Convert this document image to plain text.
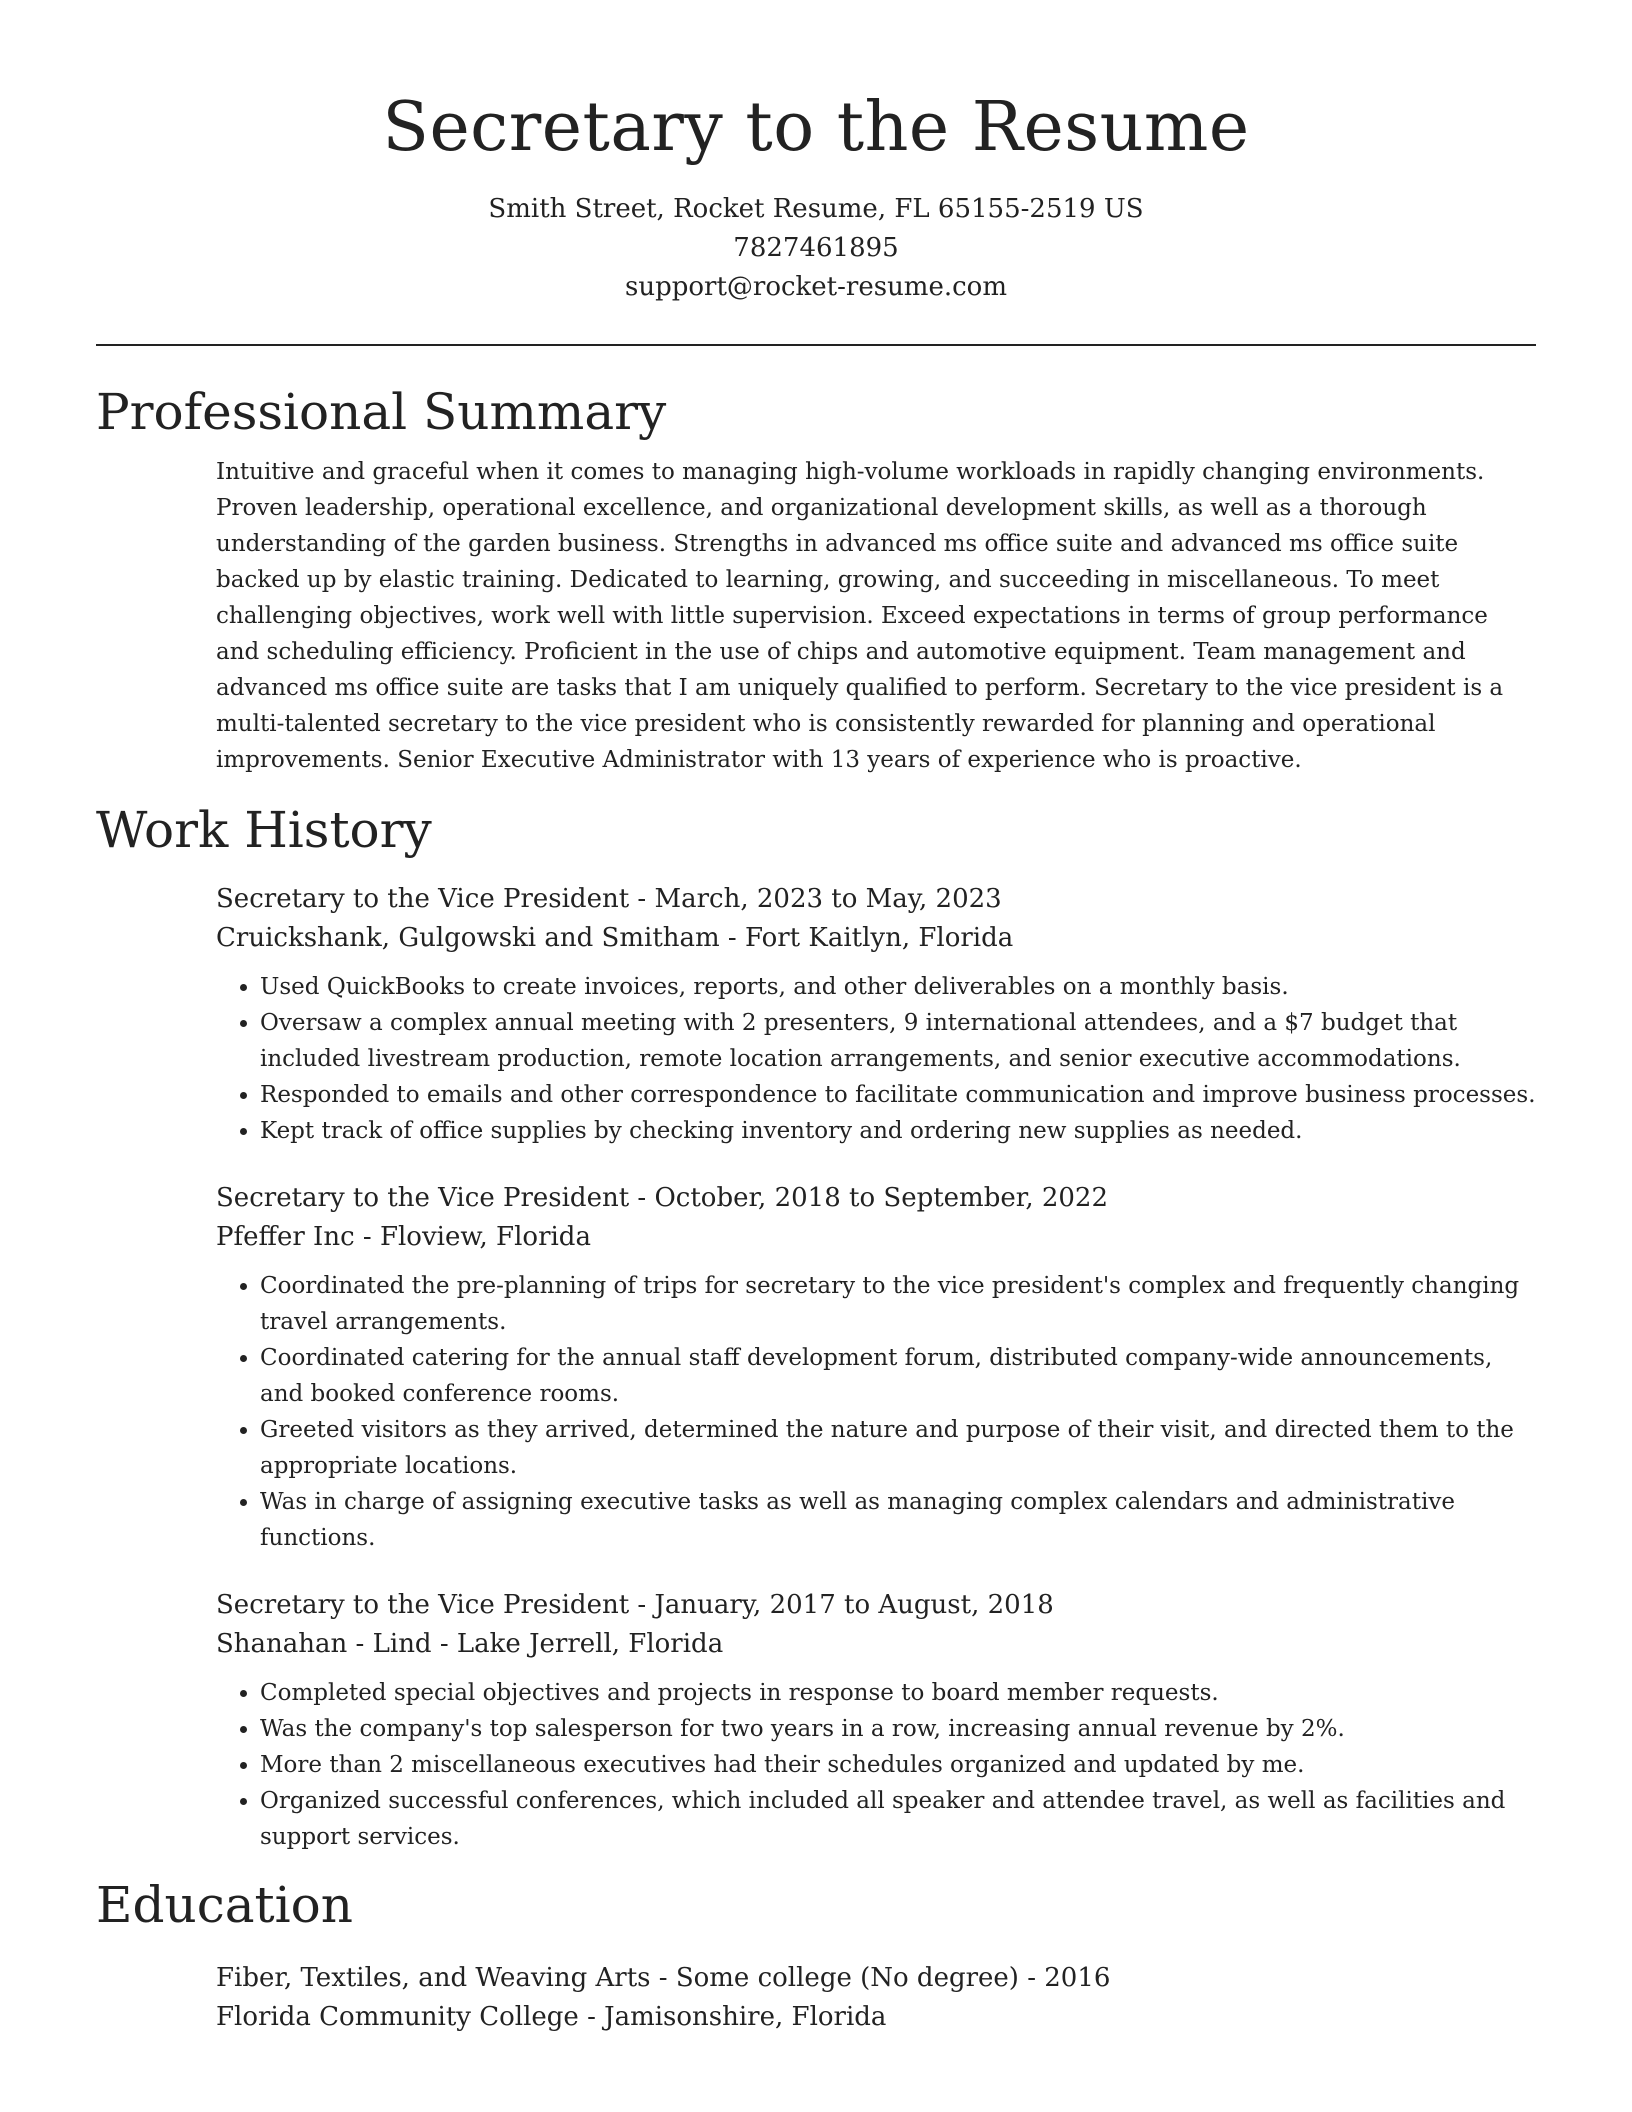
Secretary to the Resume
Smith Street, Rocket Resume, FL 65155-2519 US
7827461895
support@rocket-resume.com
Professional Summary

Intuitive and graceful when it comes to managing high-volume workloads in rapidly changing environments. Proven leadership, operational excellence, and organizational development skills, as well as a thorough understanding of the garden business. Strengths in advanced ms office suite and advanced ms office suite backed up by elastic training. Dedicated to learning, growing, and succeeding in miscellaneous. To meet challenging objectives, work well with little supervision. Exceed expectations in terms of group performance and scheduling efficiency. Proficient in the use of chips and automotive equipment. Team management and advanced ms office suite are tasks that I am uniquely qualified to perform. Secretary to the vice president is a multi-talented secretary to the vice president who is consistently rewarded for planning and operational improvements. Senior Executive Administrator with 13 years of experience who is proactive.

Work History
Secretary to the Vice President - March, 2023 to May, 2023
Cruickshank, Gulgowski and Smitham - Fort Kaitlyn, Florida
• Used QuickBooks to create invoices, reports, and other deliverables on a monthly basis.
• Oversaw a complex annual meeting with 2 presenters, 9 international attendees, and a $7 budget that included livestream production, remote location arrangements, and senior executive accommodations.
• Responded to emails and other correspondence to facilitate communication and improve business processes.
• Kept track of office supplies by checking inventory and ordering new supplies as needed.
Secretary to the Vice President - October, 2018 to September, 2022
Pfeffer Inc - Floview, Florida
• Coordinated the pre-planning of trips for secretary to the vice president's complex and frequently changing travel arrangements.
• Coordinated catering for the annual staff development forum, distributed company-wide announcements, and booked conference rooms.
• Greeted visitors as they arrived, determined the nature and purpose of their visit, and directed them to the appropriate locations.
• Was in charge of assigning executive tasks as well as managing complex calendars and administrative functions.
Secretary to the Vice President - January, 2017 to August, 2018
Shanahan - Lind - Lake Jerrell, Florida
• Completed special objectives and projects in response to board member requests.
• Was the company's top salesperson for two years in a row, increasing annual revenue by 2%.
• More than 2 miscellaneous executives had their schedules organized and updated by me.
• Organized successful conferences, which included all speaker and attendee travel, as well as facilities and support services.
Education
Fiber, Textiles, and Weaving Arts - Some college (No degree) - 2016
Florida Community College - Jamisonshire, Florida
